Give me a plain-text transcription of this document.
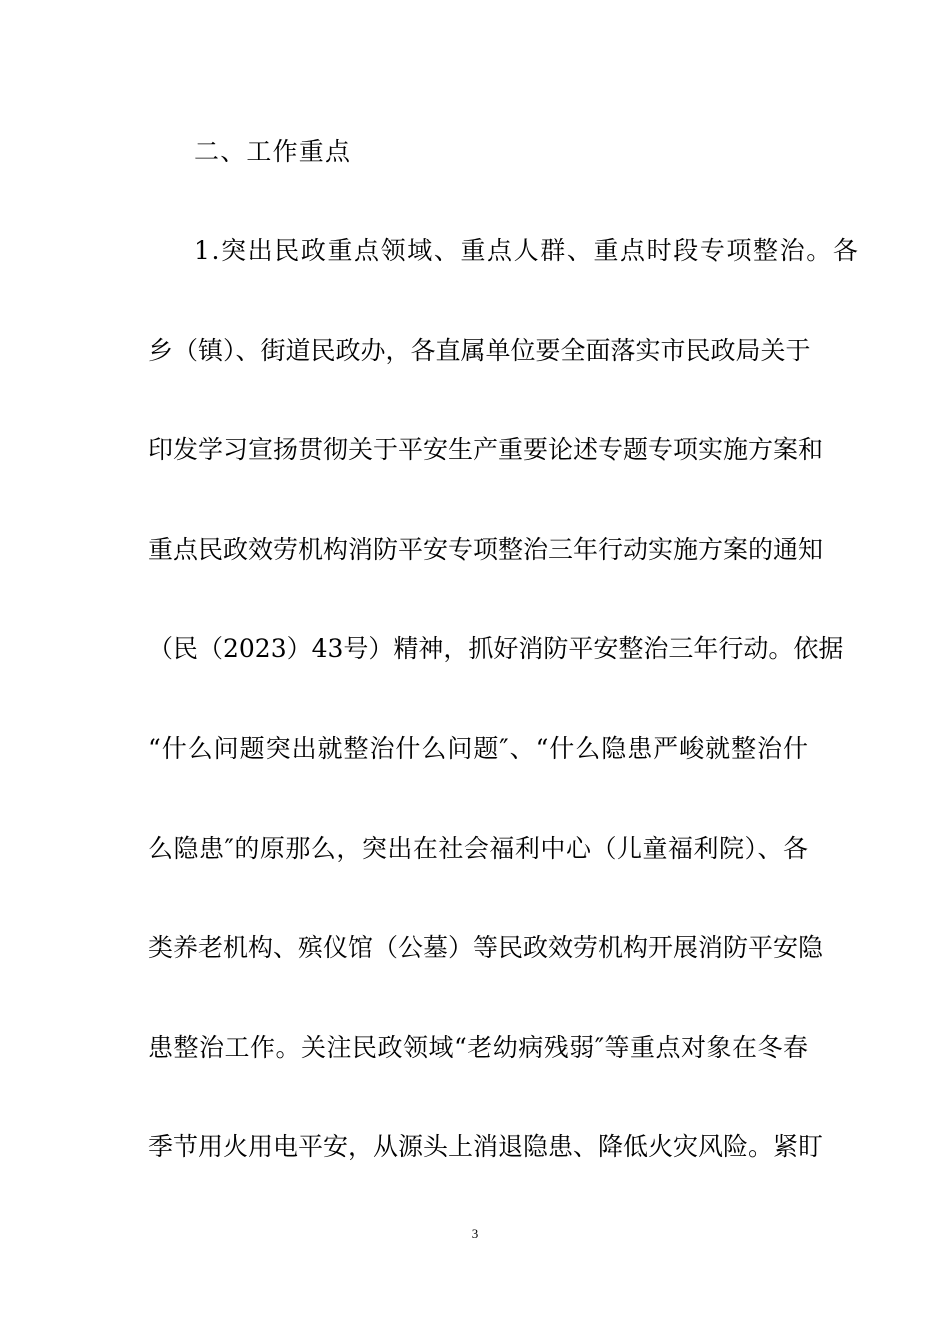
二、工作重点
1.突出民政重点领域、重点人群、重点时段专项整治。各
乡（镇）、街道民政办，各直属单位要全面落实市民政局关于
印发学习宣扬贯彻关于平安生产重要论述专题专项实施方案和
重点民政效劳机构消防平安专项整治三年行动实施方案的通知
（民（2023）43号）精神，抓好消防平安整治三年行动。依据
“什么问题突出就整治什么问题″、“什么隐患严峻就整治什
么隐患″的原那么，突出在社会福利中心（儿童福利院）、各
类养老机构、殡仪馆（公墓）等民政效劳机构开展消防平安隐
患整治工作。关注民政领域“老幼病残弱″等重点对象在冬春
季节用火用电平安，从源头上消退隐患、降低火灾风险。紧盯
3
